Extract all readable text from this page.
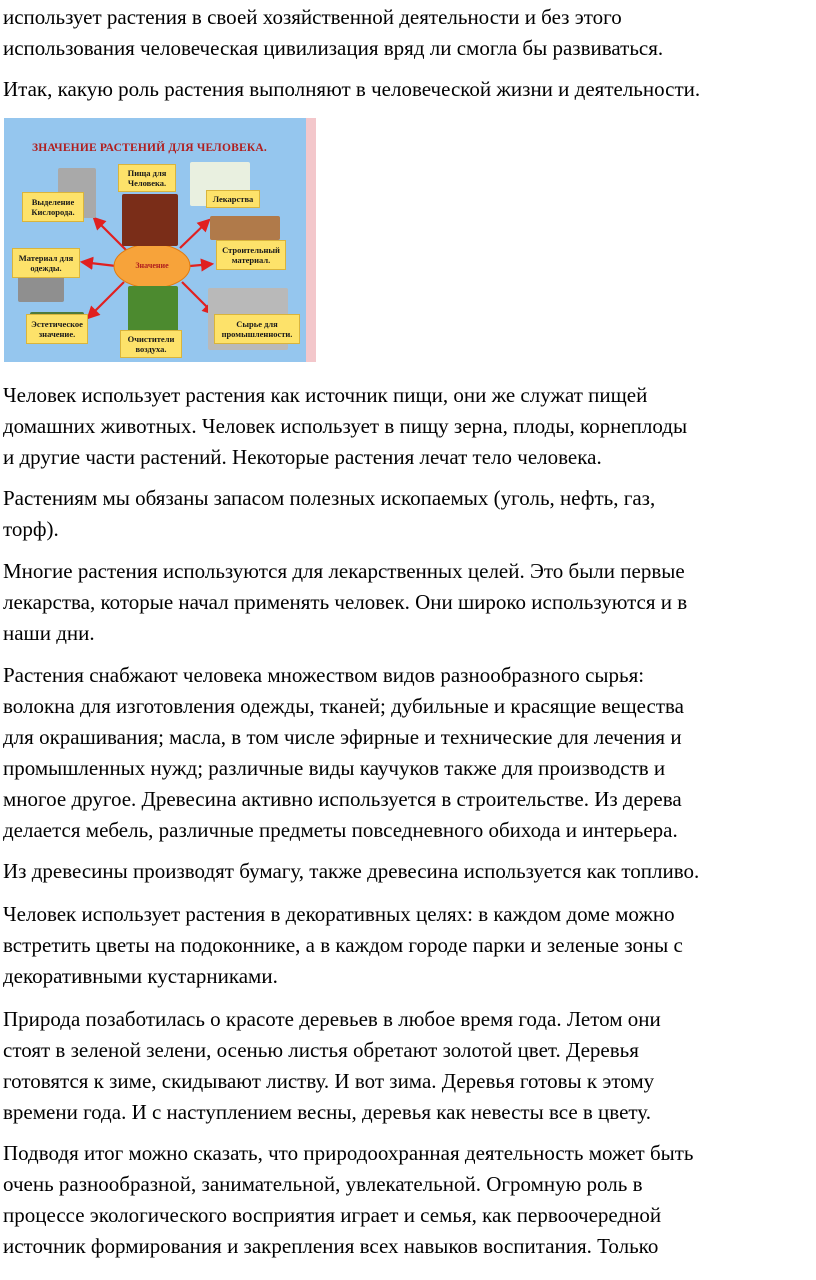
использует растения в своей хозяйственной деятельности и без этого
использования человеческая цивилизация вряд ли смогла бы развиваться.

Итак, какую роль растения выполняют в человеческой жизни и деятельности.

ЗНАЧЕНИЕ РАСТЕНИЙ ДЛЯ ЧЕЛОВЕКА.
Значение
Выделение
Кислорода.
Пища для
Человека.
Лекарства
Материал для
одежды.
Строительный
материал.
Эстетическое
значение.	Очистители
воздуха.
Сырье для
промышленности.

Человек использует растения как источник пищи, они же служат пищей
домашних животных. Человек использует в пищу зерна, плоды, корнеплоды
и другие части растений. Некоторые растения лечат тело человека.

Растениям мы обязаны запасом полезных ископаемых (уголь, нефть, газ,
торф).

Многие растения используются для лекарственных целей. Это были первые
лекарства, которые начал применять человек. Они широко используются и в
наши дни.

Растения снабжают человека множеством видов разнообразного сырья:
волокна для изготовления одежды, тканей; дубильные и красящие вещества
для окрашивания; масла, в том числе эфирные и технические для лечения и
промышленных нужд; различные виды каучуков также для производств и
многое другое. Древесина активно используется в строительстве. Из дерева
делается мебель, различные предметы повседневного обихода и интерьера.

Из древесины производят бумагу, также древесина используется как топливо.

Человек использует растения в декоративных целях: в каждом доме можно
встретить цветы на подоконнике, а в каждом городе парки и зеленые зоны с
декоративными кустарниками.

Природа позаботилась о красоте деревьев в любое время года. Летом они
стоят в зеленой зелени, осенью листья обретают золотой цвет. Деревья
готовятся к зиме, скидывают листву. И вот зима. Деревья готовы к этому
времени года. И с наступлением весны, деревья как невесты все в цвету.

Подводя итог можно сказать, что природоохранная деятельность может быть
очень разнообразной, занимательной, увлекательной. Огромную роль в
процессе экологического восприятия играет и семья, как первоочередной
источник формирования и закрепления всех навыков воспитания. Только
